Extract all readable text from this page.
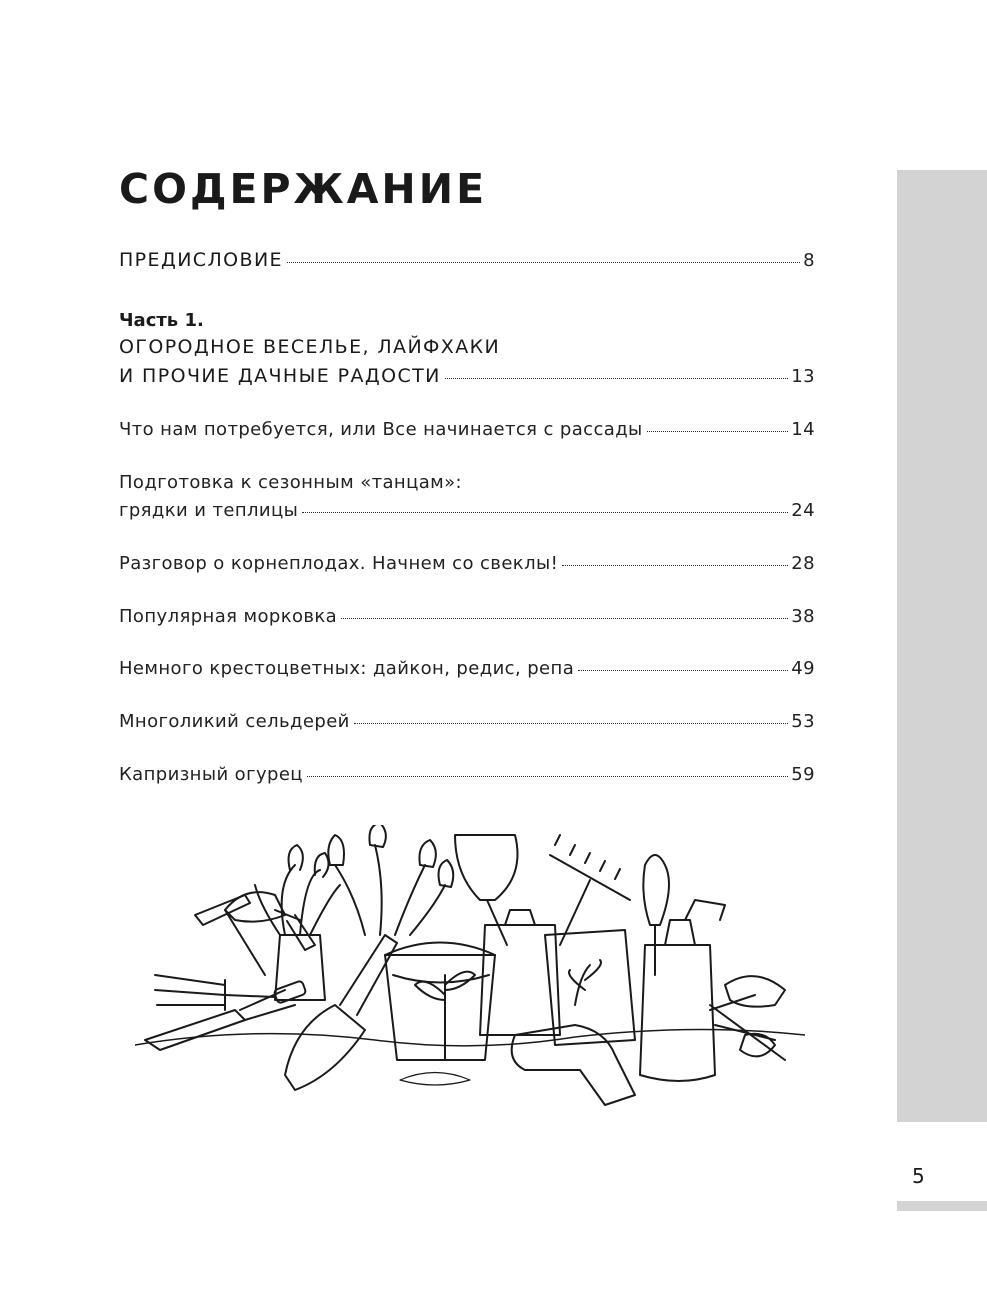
СОДЕРЖАНИЕ
ПРЕДИСЛОВИЕ	8
Часть 1.
ОГОРОДНОЕ ВЕСЕЛЬЕ, ЛАЙФХАКИ
И ПРОЧИЕ ДАЧНЫЕ РАДОСТИ	13
Что нам потребуется, или Все начинается с рассады	14
Подготовка к сезонным «танцам»:
грядки и теплицы	24
Разговор о корнеплодах. Начнем со свеклы!	28
Популярная морковка	38
Немного крестоцветных: дайкон, редис, репа	49
Многоликий сельдерей	53
Капризный огурец	59
5
